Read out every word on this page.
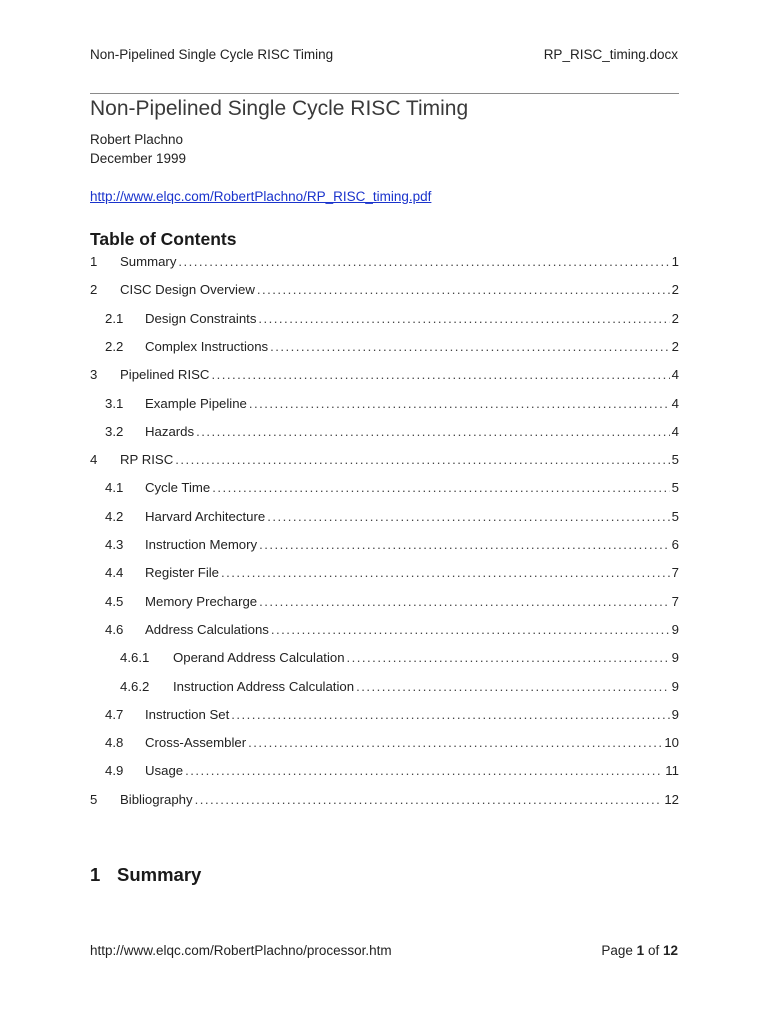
Non-Pipelined Single Cycle RISC Timing	RP_RISC_timing.docx
Non-Pipelined Single Cycle RISC Timing
Robert Plachno
December 1999
http://www.elqc.com/RobertPlachno/RP_RISC_timing.pdf
Table of Contents
1	Summary . . .	1
2	CISC Design Overview . . .	2
2.1	Design Constraints . . .	2
2.2	Complex Instructions . . .	2
3	Pipelined RISC . . .	4
3.1	Example Pipeline . . .	4
3.2	Hazards . . .	4
4	RP RISC . . .	5
4.1	Cycle Time . . .	5
4.2	Harvard Architecture . . .	5
4.3	Instruction Memory . . .	6
4.4	Register File . . .	7
4.5	Memory Precharge . . .	7
4.6	Address Calculations . . .	9
4.6.1	Operand Address Calculation . . .	9
4.6.2	Instruction Address Calculation . . .	9
4.7	Instruction Set . . .	9
4.8	Cross-Assembler . . .	10
4.9	Usage . . .	11
5	Bibliography . . .	12
1 Summary
http://www.elqc.com/RobertPlachno/processor.htm	Page 1 of 12
